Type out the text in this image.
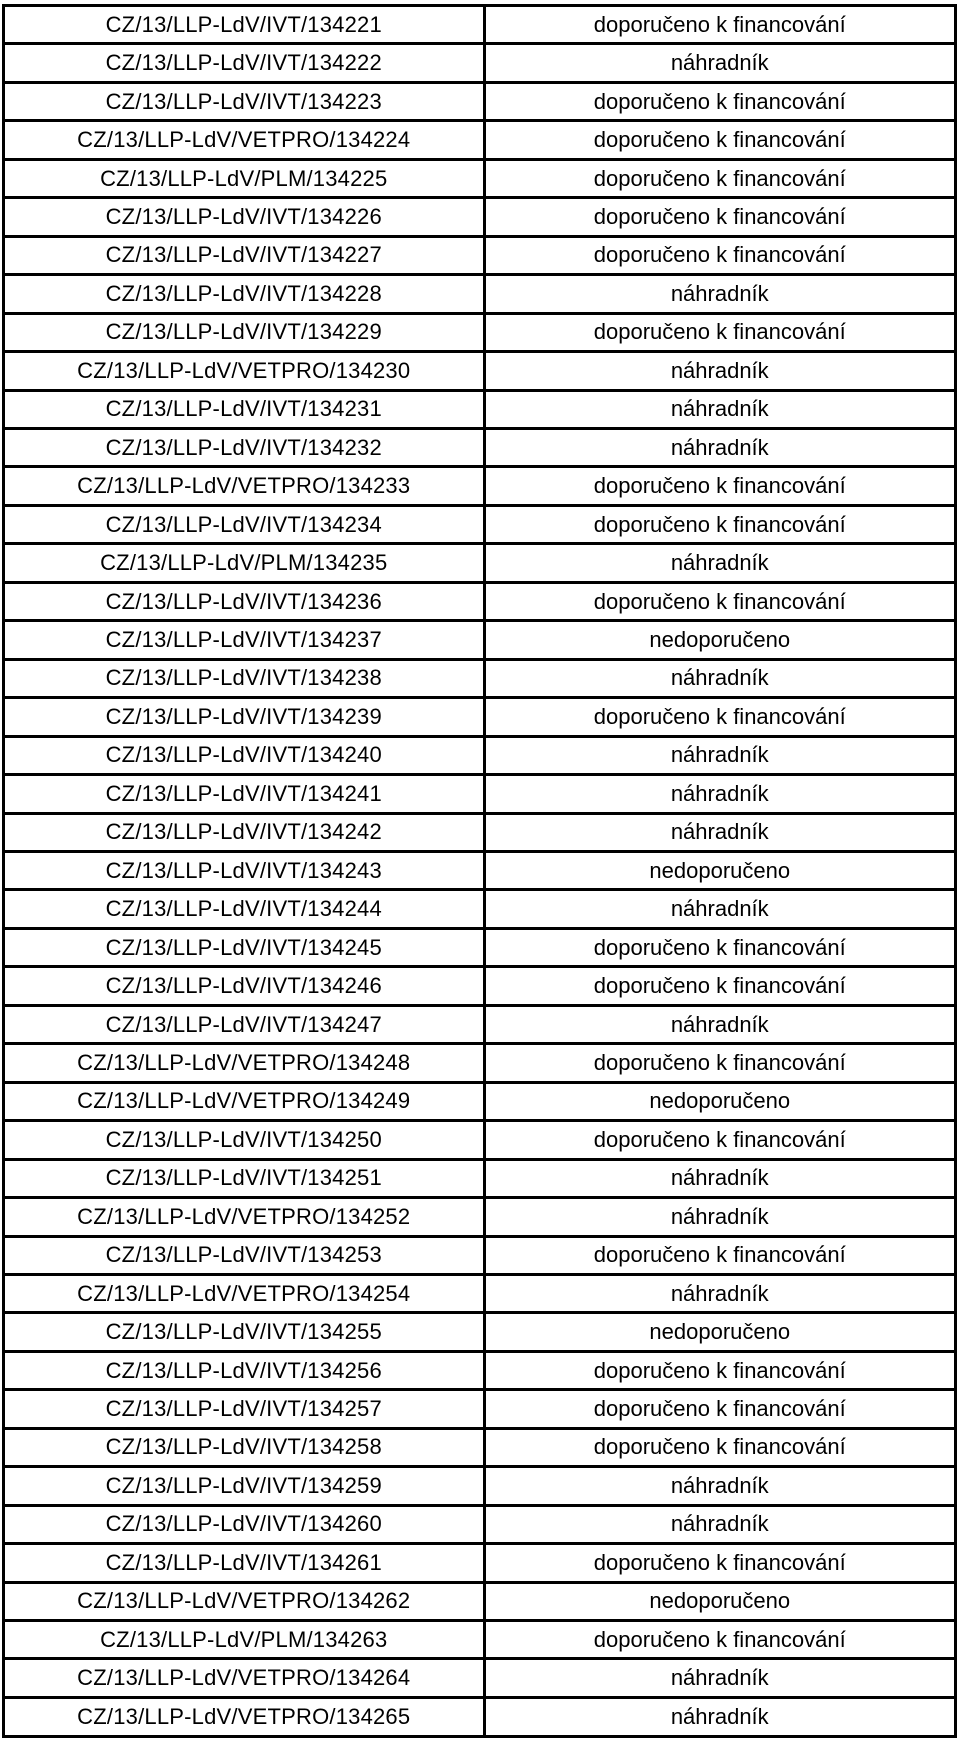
CZ/13/LLP-LdV/IVT/134221	doporučeno k financování
CZ/13/LLP-LdV/IVT/134222	náhradník
CZ/13/LLP-LdV/IVT/134223	doporučeno k financování
CZ/13/LLP-LdV/VETPRO/134224	doporučeno k financování
CZ/13/LLP-LdV/PLM/134225	doporučeno k financování
CZ/13/LLP-LdV/IVT/134226	doporučeno k financování
CZ/13/LLP-LdV/IVT/134227	doporučeno k financování
CZ/13/LLP-LdV/IVT/134228	náhradník
CZ/13/LLP-LdV/IVT/134229	doporučeno k financování
CZ/13/LLP-LdV/VETPRO/134230	náhradník
CZ/13/LLP-LdV/IVT/134231	náhradník
CZ/13/LLP-LdV/IVT/134232	náhradník
CZ/13/LLP-LdV/VETPRO/134233	doporučeno k financování
CZ/13/LLP-LdV/IVT/134234	doporučeno k financování
CZ/13/LLP-LdV/PLM/134235	náhradník
CZ/13/LLP-LdV/IVT/134236	doporučeno k financování
CZ/13/LLP-LdV/IVT/134237	nedoporučeno
CZ/13/LLP-LdV/IVT/134238	náhradník
CZ/13/LLP-LdV/IVT/134239	doporučeno k financování
CZ/13/LLP-LdV/IVT/134240	náhradník
CZ/13/LLP-LdV/IVT/134241	náhradník
CZ/13/LLP-LdV/IVT/134242	náhradník
CZ/13/LLP-LdV/IVT/134243	nedoporučeno
CZ/13/LLP-LdV/IVT/134244	náhradník
CZ/13/LLP-LdV/IVT/134245	doporučeno k financování
CZ/13/LLP-LdV/IVT/134246	doporučeno k financování
CZ/13/LLP-LdV/IVT/134247	náhradník
CZ/13/LLP-LdV/VETPRO/134248	doporučeno k financování
CZ/13/LLP-LdV/VETPRO/134249	nedoporučeno
CZ/13/LLP-LdV/IVT/134250	doporučeno k financování
CZ/13/LLP-LdV/IVT/134251	náhradník
CZ/13/LLP-LdV/VETPRO/134252	náhradník
CZ/13/LLP-LdV/IVT/134253	doporučeno k financování
CZ/13/LLP-LdV/VETPRO/134254	náhradník
CZ/13/LLP-LdV/IVT/134255	nedoporučeno
CZ/13/LLP-LdV/IVT/134256	doporučeno k financování
CZ/13/LLP-LdV/IVT/134257	doporučeno k financování
CZ/13/LLP-LdV/IVT/134258	doporučeno k financování
CZ/13/LLP-LdV/IVT/134259	náhradník
CZ/13/LLP-LdV/IVT/134260	náhradník
CZ/13/LLP-LdV/IVT/134261	doporučeno k financování
CZ/13/LLP-LdV/VETPRO/134262	nedoporučeno
CZ/13/LLP-LdV/PLM/134263	doporučeno k financování
CZ/13/LLP-LdV/VETPRO/134264	náhradník
CZ/13/LLP-LdV/VETPRO/134265	náhradník
